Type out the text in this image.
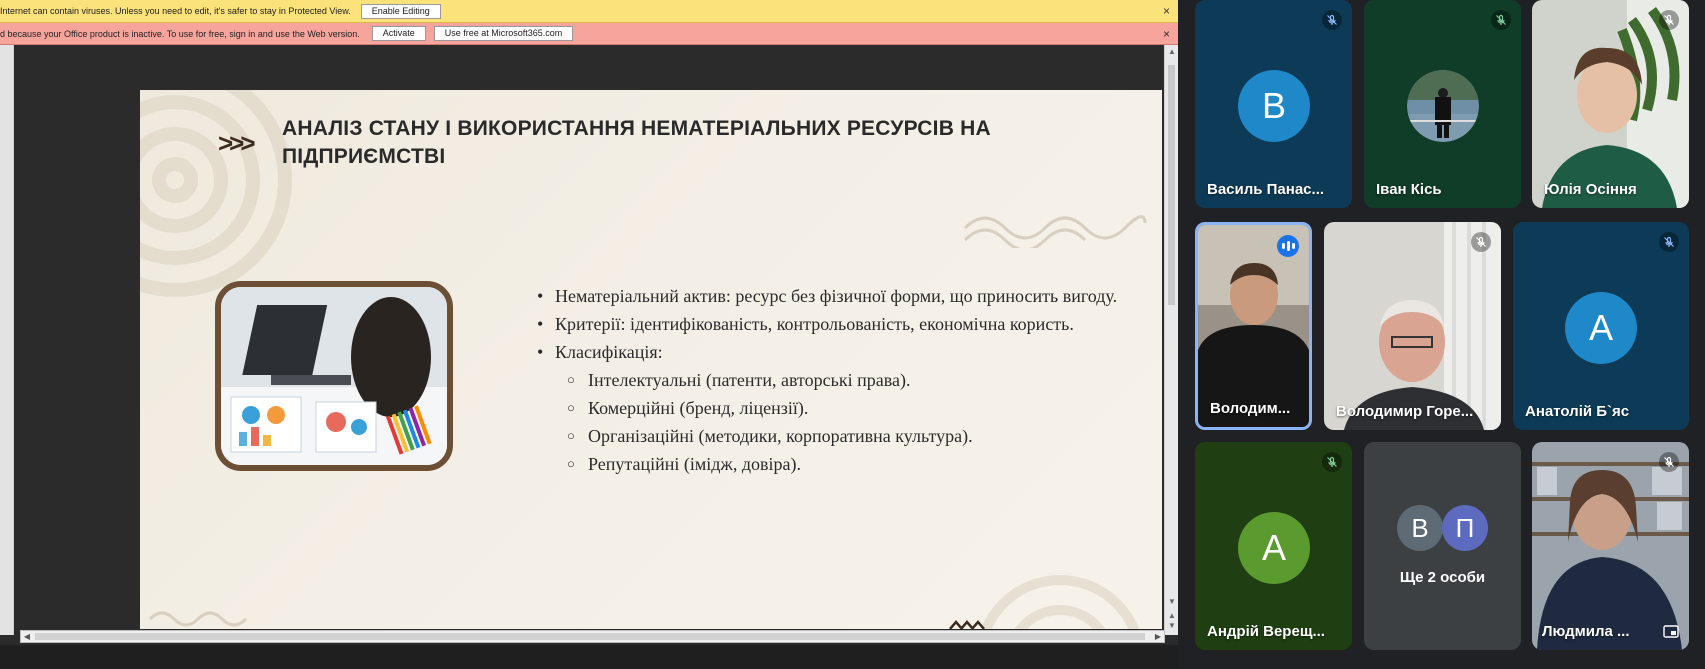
Internet can contain viruses. Unless you need to edit, it's safer to stay in Protected View.	Enable Editing	×
d because your Office product is inactive. To use for free, sign in and use the Web version.	Activate	Use free at Microsoft365.com	×
▲
▼
▲
▼
>>> АНАЛІЗ СТАНУ І ВИКОРИСТАННЯ НЕМАТЕРІАЛЬНИХ РЕСУРСІВ НА ПІДПРИЄМСТВІ
• Нематеріальний актив: ресурс без фізичної форми, що приносить вигоду.
• Критерії: ідентифікованість, контрольованість, економічна користь.
• Класифікація:
○ Інтелектуальні (патенти, авторські права).
○ Комерційні (бренд, ліцензії).
○ Організаційні (методики, корпоративна культура).
○ Репутаційні (імідж, довіра).
◀	▶
В
Василь Панас...	Іван Кісь	Юлія Осіння
Володим...	Володимир Горе...
А
Анатолій Б`яс
А
Андрій Верещ...
В	П
Ще 2 особи
Людмила ...
